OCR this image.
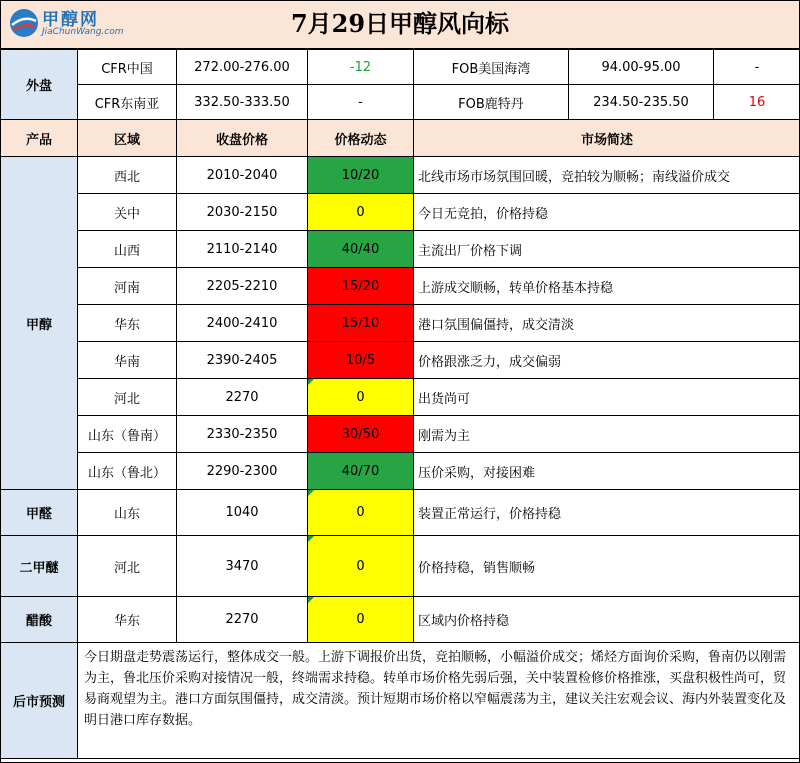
甲醇网
JiaChunWang.com	7月29日甲醇风向标
外盘	CFR中国	272.00-276.00	-12	FOB美国海湾	94.00-95.00	-
	CFR东南亚	332.50-333.50	-	FOB鹿特丹	234.50-235.50	16
产品	区域	收盘价格	价格动态	市场简述		
甲醇	西北	2010-2040	10/20	北线市场市场氛围回暖，竞拍较为顺畅；南线溢价成交		
	关中	2030-2150	0	今日无竞拍，价格持稳		
	山西	2110-2140	40/40	主流出厂价格下调		
	河南	2205-2210	15/20	上游成交顺畅，转单价格基本持稳		
	华东	2400-2410	15/10	港口氛围偏僵持，成交清淡		
	华南	2390-2405	10/5	价格跟涨乏力，成交偏弱		
	河北	2270	0	出货尚可		
	山东（鲁南）	2330-2350	30/50	刚需为主		
	山东（鲁北）	2290-2300	40/70	压价采购，对接困难		
甲醛	山东	1040	0	装置正常运行，价格持稳		
二甲醚	河北	3470	0	价格持稳，销售顺畅		
醋酸	华东	2270	0	区域内价格持稳		
后市预测	今日期盘走势震荡运行，整体成交一般。上游下调报价出货，竞拍顺畅，小幅溢价成交；烯烃方面询价采购，鲁南仍以刚需为主，鲁北压价采购对接情况一般，终端需求持稳。转单市场价格先弱后强，关中装置检修价格推涨，买盘积极性尚可，贸易商观望为主。港口方面氛围僵持，成交清淡。预计短期市场价格以窄幅震荡为主，建议关注宏观会议、海内外装置变化及明日港口库存数据。					
